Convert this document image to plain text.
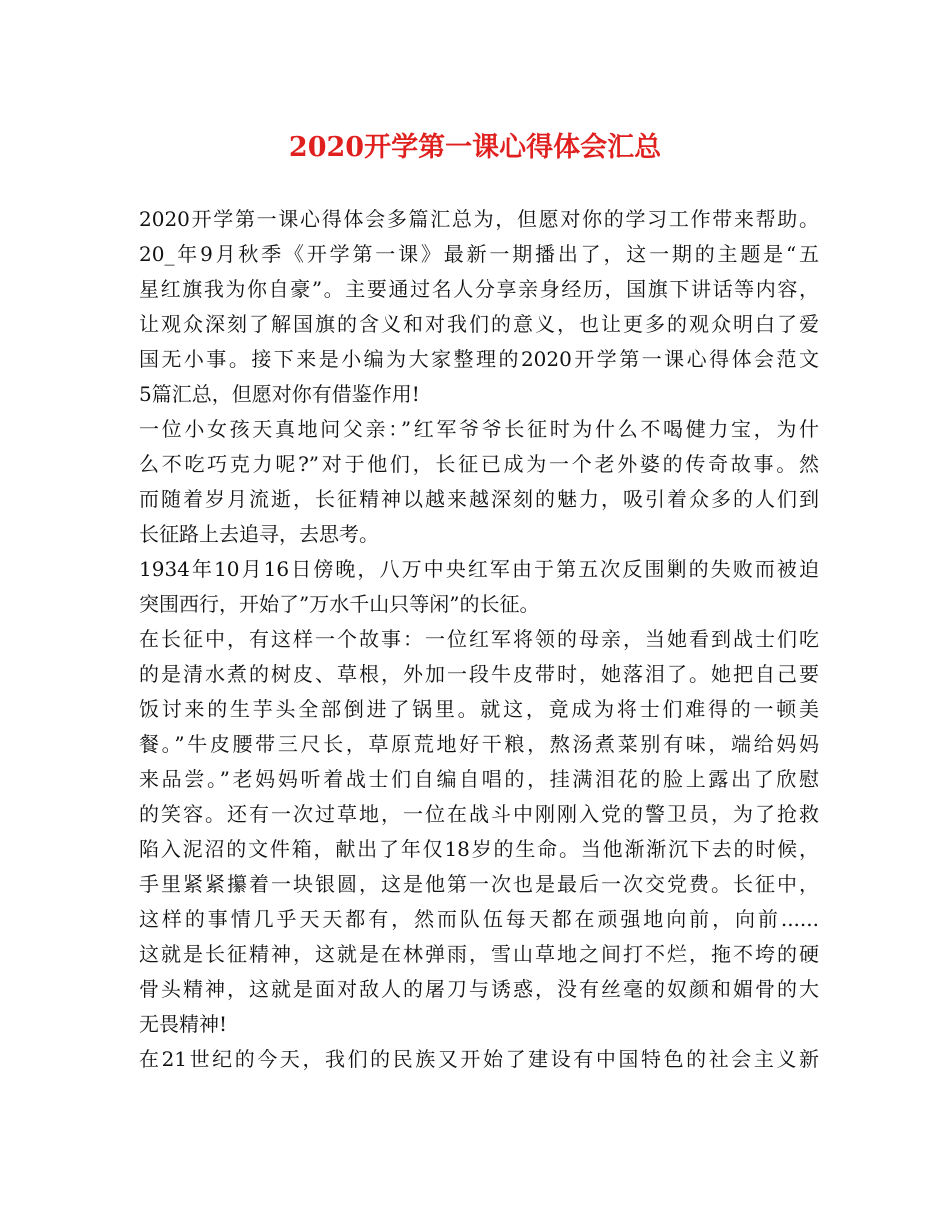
2020开学第一课心得体会汇总
2020开学第一课心得体会多篇汇总为，但愿对你的学习工作带来帮助。
20_年9月秋季《开学第一课》最新一期播出了，这一期的主题是“五
星红旗我为你自豪”。主要通过名人分享亲身经历，国旗下讲话等内容，
让观众深刻了解国旗的含义和对我们的意义，也让更多的观众明白了爱
国无小事。接下来是小编为大家整理的2020开学第一课心得体会范文
5篇汇总，但愿对你有借鉴作用!
一位小女孩天真地问父亲：”红军爷爷长征时为什么不喝健力宝，为什
么不吃巧克力呢?”对于他们，长征已成为一个老外婆的传奇故事。然
而随着岁月流逝，长征精神以越来越深刻的魅力，吸引着众多的人们到
长征路上去追寻，去思考。
1934年10月16日傍晚，八万中央红军由于第五次反围剿的失败而被迫
突围西行，开始了”万水千山只等闲”的长征。
在长征中，有这样一个故事：一位红军将领的母亲，当她看到战士们吃
的是清水煮的树皮、草根，外加一段牛皮带时，她落泪了。她把自己要
饭讨来的生芋头全部倒进了锅里。就这，竟成为将士们难得的一顿美
餐。”牛皮腰带三尺长，草原荒地好干粮，熬汤煮菜别有味，端给妈妈
来品尝。”老妈妈听着战士们自编自唱的，挂满泪花的脸上露出了欣慰
的笑容。还有一次过草地，一位在战斗中刚刚入党的警卫员，为了抢救
陷入泥沼的文件箱，献出了年仅18岁的生命。当他渐渐沉下去的时候，
手里紧紧攥着一块银圆，这是他第一次也是最后一次交党费。长征中，
这样的事情几乎天天都有，然而队伍每天都在顽强地向前，向前......
这就是长征精神，这就是在林弹雨，雪山草地之间打不烂，拖不垮的硬
骨头精神，这就是面对敌人的屠刀与诱惑，没有丝毫的奴颜和媚骨的大
无畏精神!
在21世纪的今天，我们的民族又开始了建设有中国特色的社会主义新
